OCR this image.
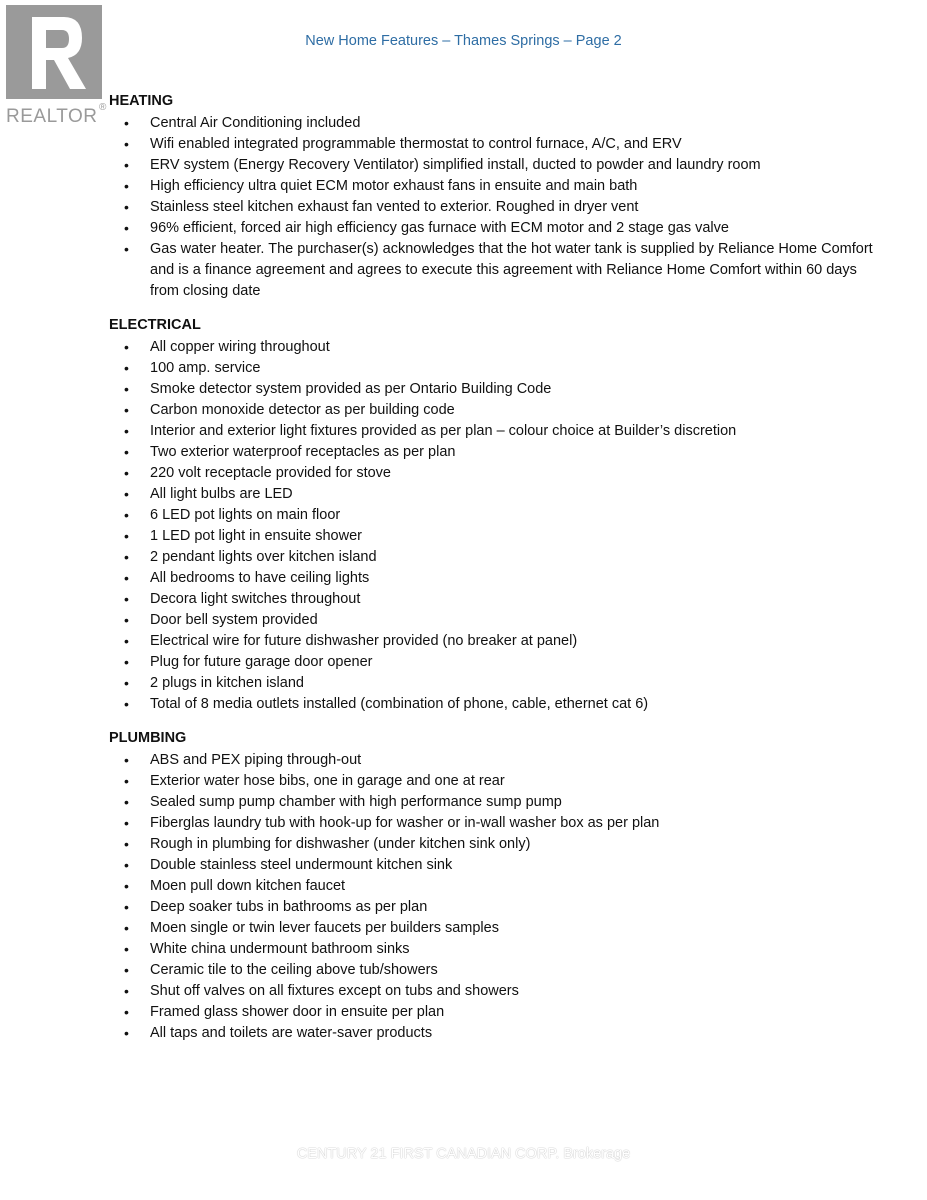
REALTOR ®
New Home Features – Thames Springs – Page 2
HEATING
• Central Air Conditioning included
• Wifi enabled integrated programmable thermostat to control furnace, A/C, and ERV
• ERV system (Energy Recovery Ventilator) simplified install, ducted to powder and laundry room
• High efficiency ultra quiet ECM motor exhaust fans in ensuite and main bath
• Stainless steel kitchen exhaust fan vented to exterior. Roughed in dryer vent
• 96% efficient, forced air high efficiency gas furnace with ECM motor and 2 stage gas valve
• Gas water heater. The purchaser(s) acknowledges that the hot water tank is supplied by Reliance Home Comfort and is a finance agreement and agrees to execute this agreement with Reliance Home Comfort within 60 days from closing date
ELECTRICAL
• All copper wiring throughout
• 100 amp. service
• Smoke detector system provided as per Ontario Building Code
• Carbon monoxide detector as per building code
• Interior and exterior light fixtures provided as per plan – colour choice at Builder’s discretion
• Two exterior waterproof receptacles as per plan
• 220 volt receptacle provided for stove
• All light bulbs are LED
• 6 LED pot lights on main floor
• 1 LED pot light in ensuite shower
• 2 pendant lights over kitchen island
• All bedrooms to have ceiling lights
• Decora light switches throughout
• Door bell system provided
• Electrical wire for future dishwasher provided (no breaker at panel)
• Plug for future garage door opener
• 2 plugs in kitchen island
• Total of 8 media outlets installed (combination of phone, cable, ethernet cat 6)
PLUMBING
• ABS and PEX piping through-out
• Exterior water hose bibs, one in garage and one at rear
• Sealed sump pump chamber with high performance sump pump
• Fiberglas laundry tub with hook-up for washer or in-wall washer box as per plan
• Rough in plumbing for dishwasher (under kitchen sink only)
• Double stainless steel undermount kitchen sink
• Moen pull down kitchen faucet
• Deep soaker tubs in bathrooms as per plan
• Moen single or twin lever faucets per builders samples
• White china undermount bathroom sinks
• Ceramic tile to the ceiling above tub/showers
• Shut off valves on all fixtures except on tubs and showers
• Framed glass shower door in ensuite per plan
• All taps and toilets are water-saver products
CENTURY 21 FIRST CANADIAN CORP. Brokerage
